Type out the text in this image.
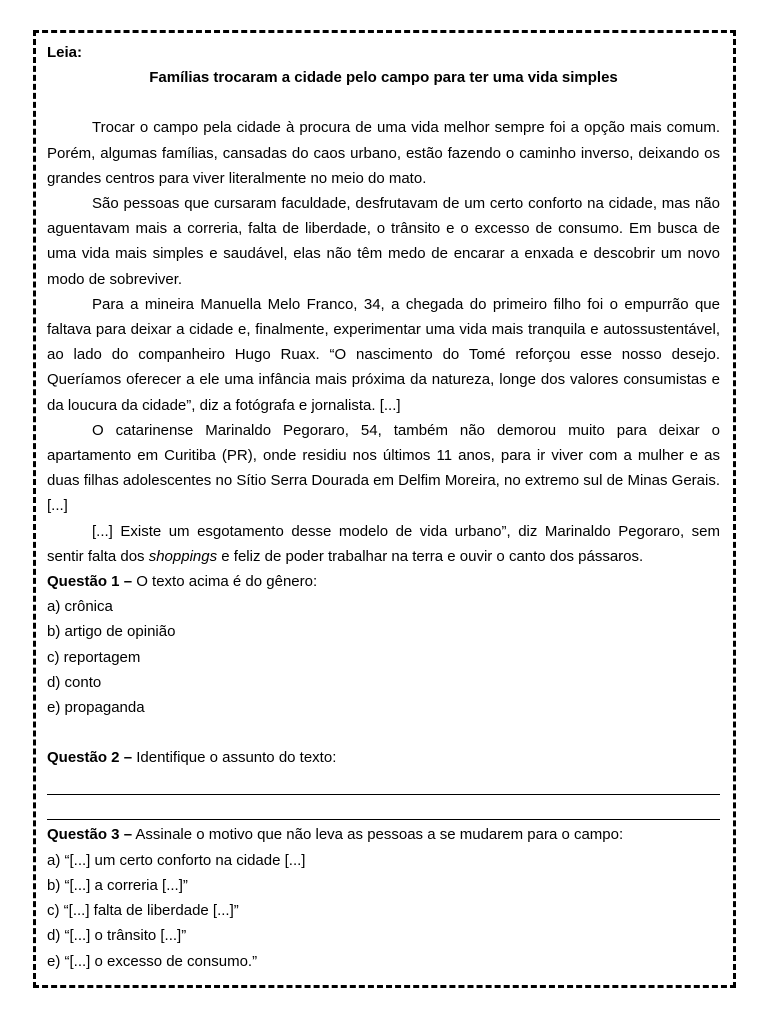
Leia:
Famílias trocaram a cidade pelo campo para ter uma vida simples
Trocar o campo pela cidade à procura de uma vida melhor sempre foi a opção mais comum. Porém, algumas famílias, cansadas do caos urbano, estão fazendo o caminho inverso, deixando os grandes centros para viver literalmente no meio do mato.
São pessoas que cursaram faculdade, desfrutavam de um certo conforto na cidade, mas não aguentavam mais a correria, falta de liberdade, o trânsito e o excesso de consumo. Em busca de uma vida mais simples e saudável, elas não têm medo de encarar a enxada e descobrir um novo modo de sobreviver.
Para a mineira Manuella Melo Franco, 34, a chegada do primeiro filho foi o empurrão que faltava para deixar a cidade e, finalmente, experimentar uma vida mais tranquila e autossustentável, ao lado do companheiro Hugo Ruax. “O nascimento do Tomé reforçou esse nosso desejo. Queríamos oferecer a ele uma infância mais próxima da natureza, longe dos valores consumistas e da loucura da cidade”, diz a fotógrafa e jornalista. [...]
O catarinense Marinaldo Pegoraro, 54, também não demorou muito para deixar o apartamento em Curitiba (PR), onde residiu nos últimos 11 anos, para ir viver com a mulher e as duas filhas adolescentes no Sítio Serra Dourada em Delfim Moreira, no extremo sul de Minas Gerais. [...]
[...] Existe um esgotamento desse modelo de vida urbano”, diz Marinaldo Pegoraro, sem sentir falta dos shoppings e feliz de poder trabalhar na terra e ouvir o canto dos pássaros.
Questão 1 – O texto acima é do gênero:
a) crônica
b) artigo de opinião
c) reportagem
d) conto
e) propaganda
Questão 2 – Identifique o assunto do texto:
Questão 3 – Assinale o motivo que não leva as pessoas a se mudarem para o campo:
a) “[...] um certo conforto na cidade [...]
b) “[...] a correria [...]”
c) “[...] falta de liberdade [...]”
d) “[...] o trânsito [...]”
e) “[...] o excesso de consumo.”
